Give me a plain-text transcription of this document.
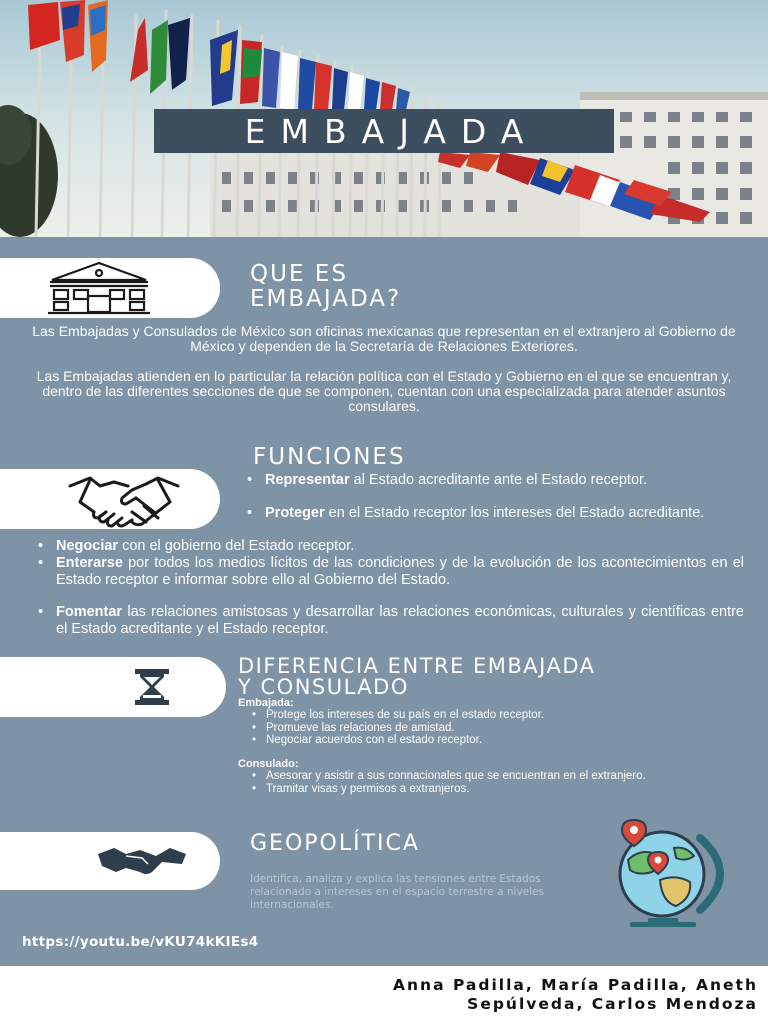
EMBAJADA
QUE ES
EMBAJADA?
Las Embajadas y Consulados de México son oficinas mexicanas que representan en el extranjero al Gobierno de México y dependen de la Secretaría de Relaciones Exteriores.
Las Embajadas atienden en lo particular la relación política con el Estado y Gobierno en el que se encuentran y, dentro de las diferentes secciones de que se componen, cuentan con una especializada para atender asuntos consulares.
FUNCIONES
• Representar al Estado acreditante ante el Estado receptor.
• Proteger en el Estado receptor los intereses del Estado acreditante.
• Negociar con el gobierno del Estado receptor.
• Enterarse por todos los medios lícitos de las condiciones y de la evolución de los acontecimientos en el Estado receptor e informar sobre ello al Gobierno del Estado.
• Fomentar las relaciones amistosas y desarrollar las relaciones económicas, culturales y científicas entre el Estado acreditante y el Estado receptor.
DIFERENCIA ENTRE EMBAJADA
Y CONSULADO
Embajada:
• Protege los intereses de su país en el estado receptor.
• Promueve las relaciones de amistad.
• Negociar acuerdos con el estado receptor.
Consulado:
• Asesorar y asistir a sus connacionales que se encuentran en el extranjero.
• Tramitar visas y permisos a extranjeros.
GEOPOLÍTICA
Identifica, analiza y explica las tensiones entre Estados relacionado a intereses en el espacio terrestre a niveles internacionales.
https://youtu.be/vKU74kKIEs4
Anna Padilla, María Padilla, Aneth
Sepúlveda, Carlos Mendoza
